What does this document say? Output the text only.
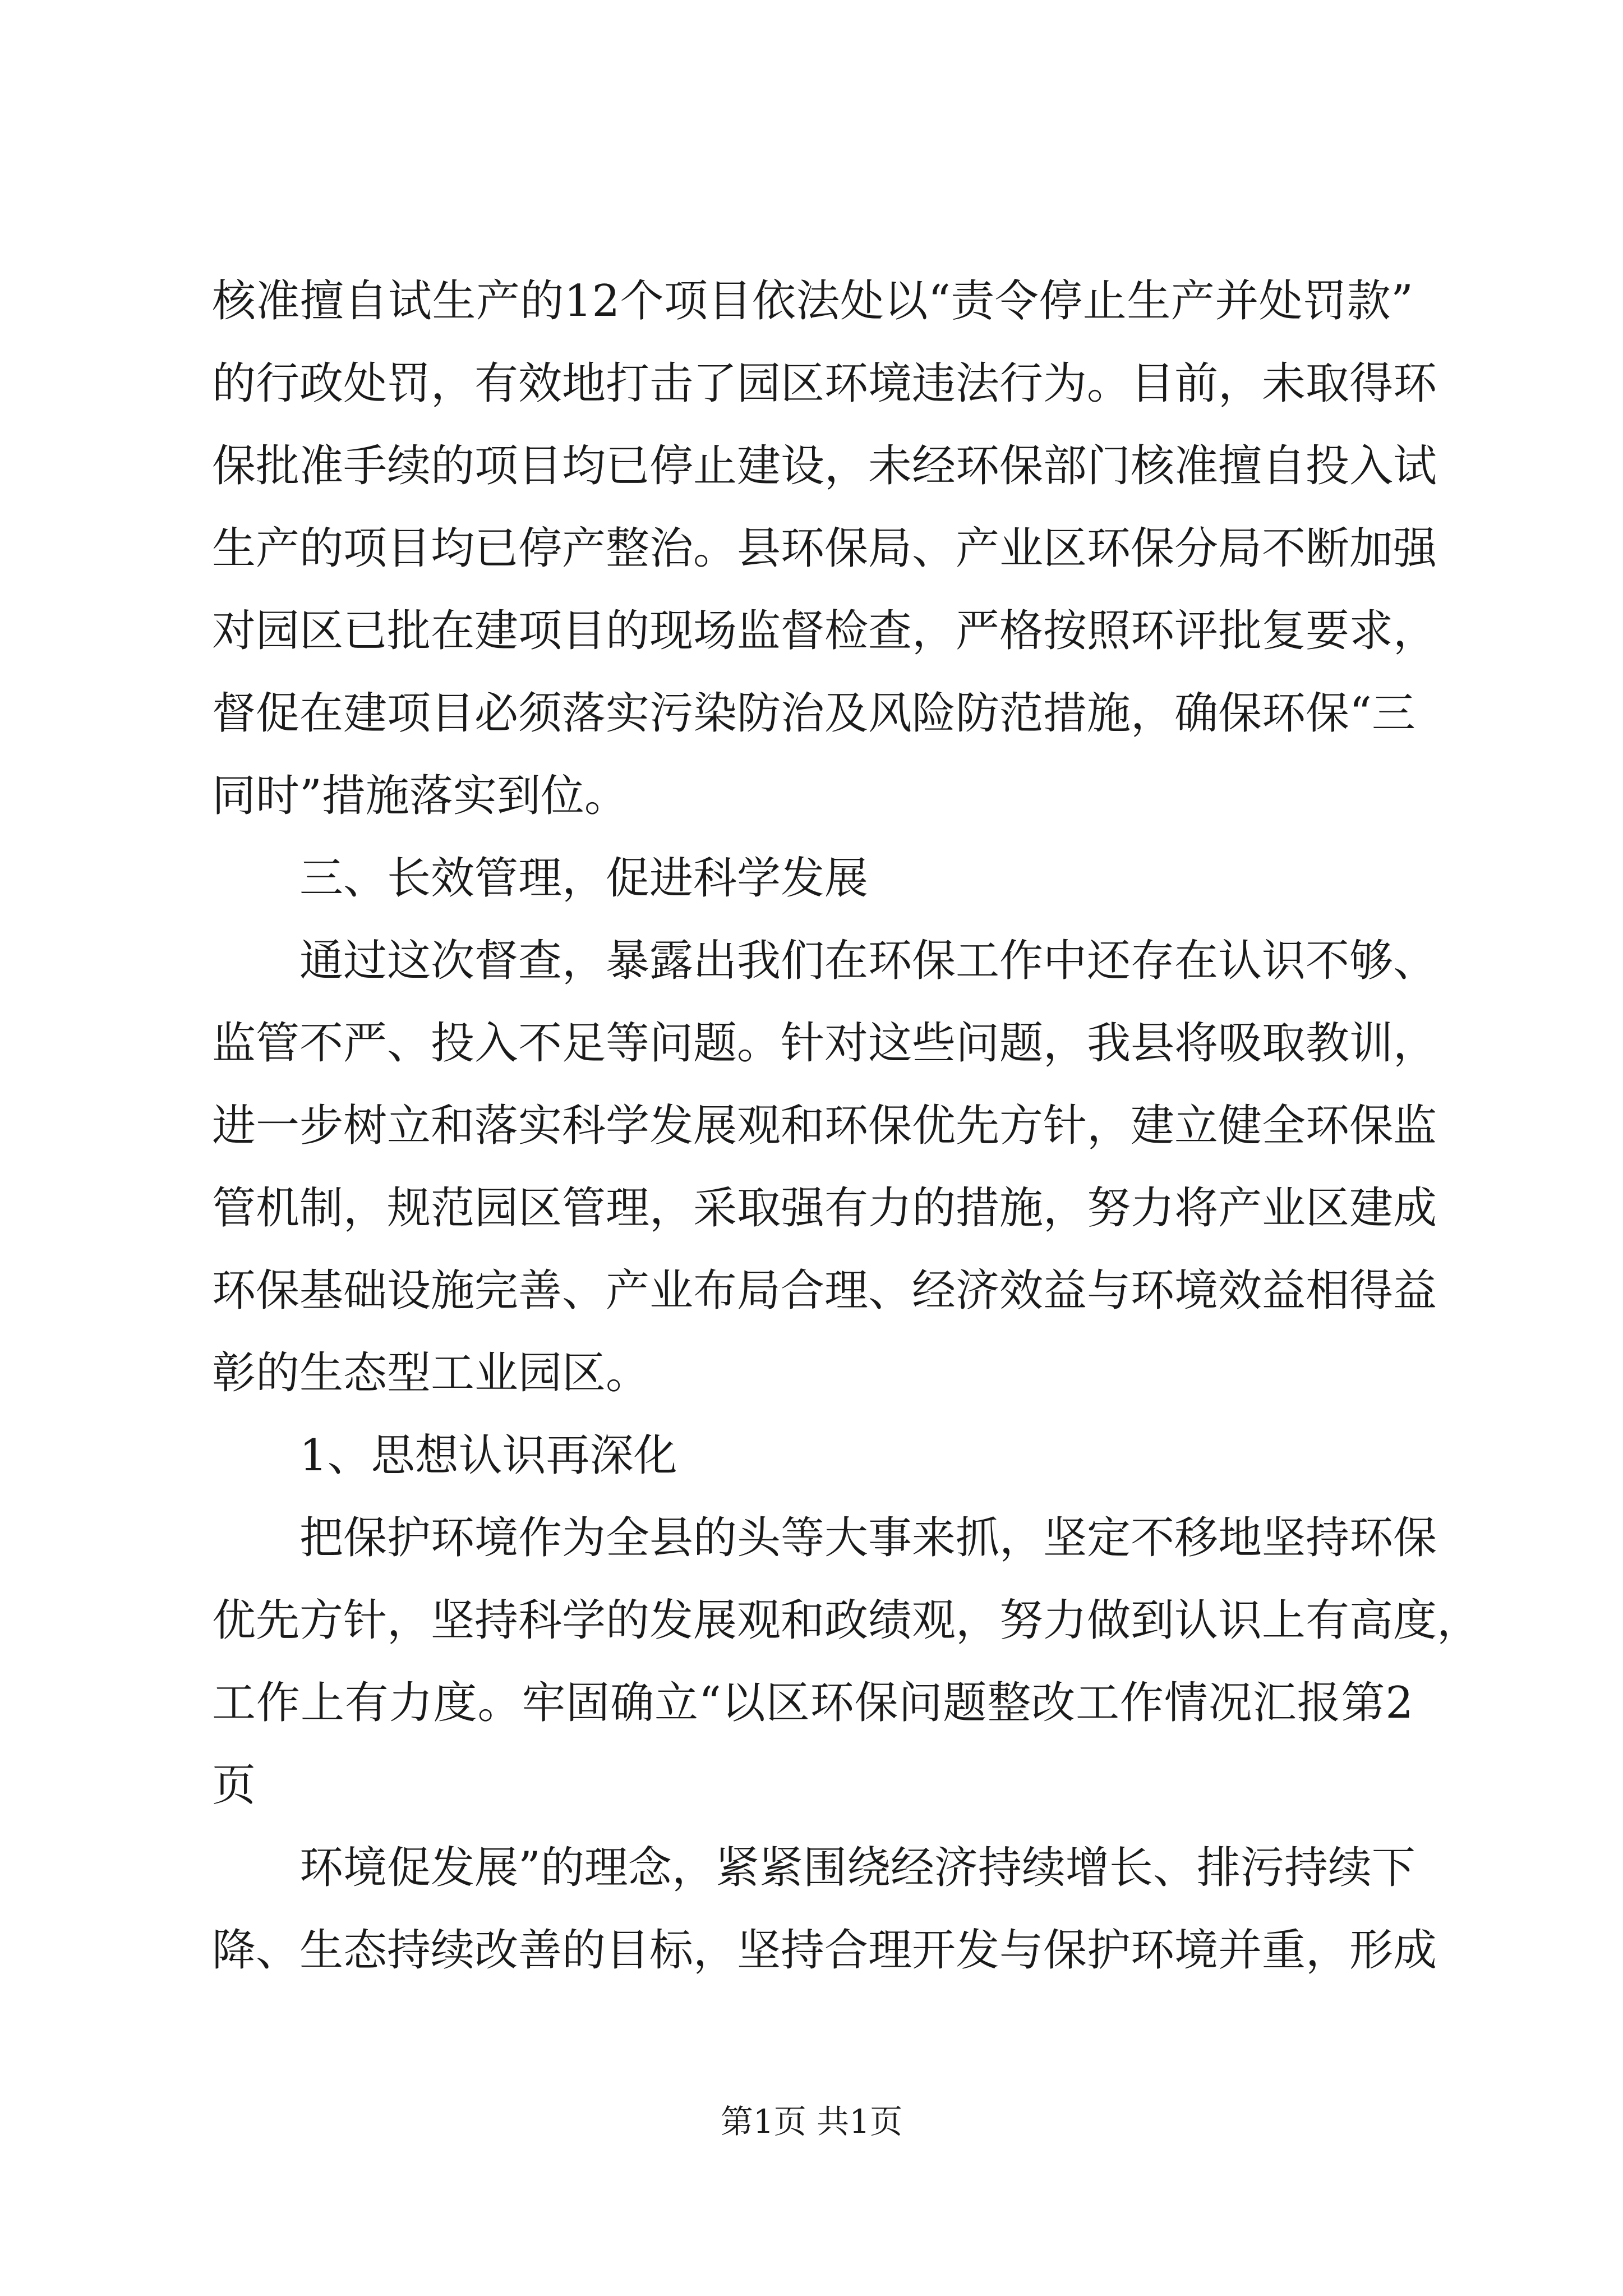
核准擅自试生产的12个项目依法处以“责令停止生产并处罚款”
的行政处罚，有效地打击了园区环境违法行为。目前，未取得环
保批准手续的项目均已停止建设，未经环保部门核准擅自投入试
生产的项目均已停产整治。县环保局、产业区环保分局不断加强
对园区已批在建项目的现场监督检查，严格按照环评批复要求，
督促在建项目必须落实污染防治及风险防范措施，确保环保“三
同时”措施落实到位。
三、长效管理，促进科学发展
通过这次督查，暴露出我们在环保工作中还存在认识不够、
监管不严、投入不足等问题。针对这些问题，我县将吸取教训，
进一步树立和落实科学发展观和环保优先方针，建立健全环保监
管机制，规范园区管理，采取强有力的措施，努力将产业区建成
环保基础设施完善、产业布局合理、经济效益与环境效益相得益
彰的生态型工业园区。
1、思想认识再深化
把保护环境作为全县的头等大事来抓，坚定不移地坚持环保
优先方针，坚持科学的发展观和政绩观，努力做到认识上有高度，
工作上有力度。牢固确立“以区环保问题整改工作情况汇报第2
页
环境促发展”的理念，紧紧围绕经济持续增长、排污持续下
降、生态持续改善的目标，坚持合理开发与保护环境并重，形成
第1页 共1页
